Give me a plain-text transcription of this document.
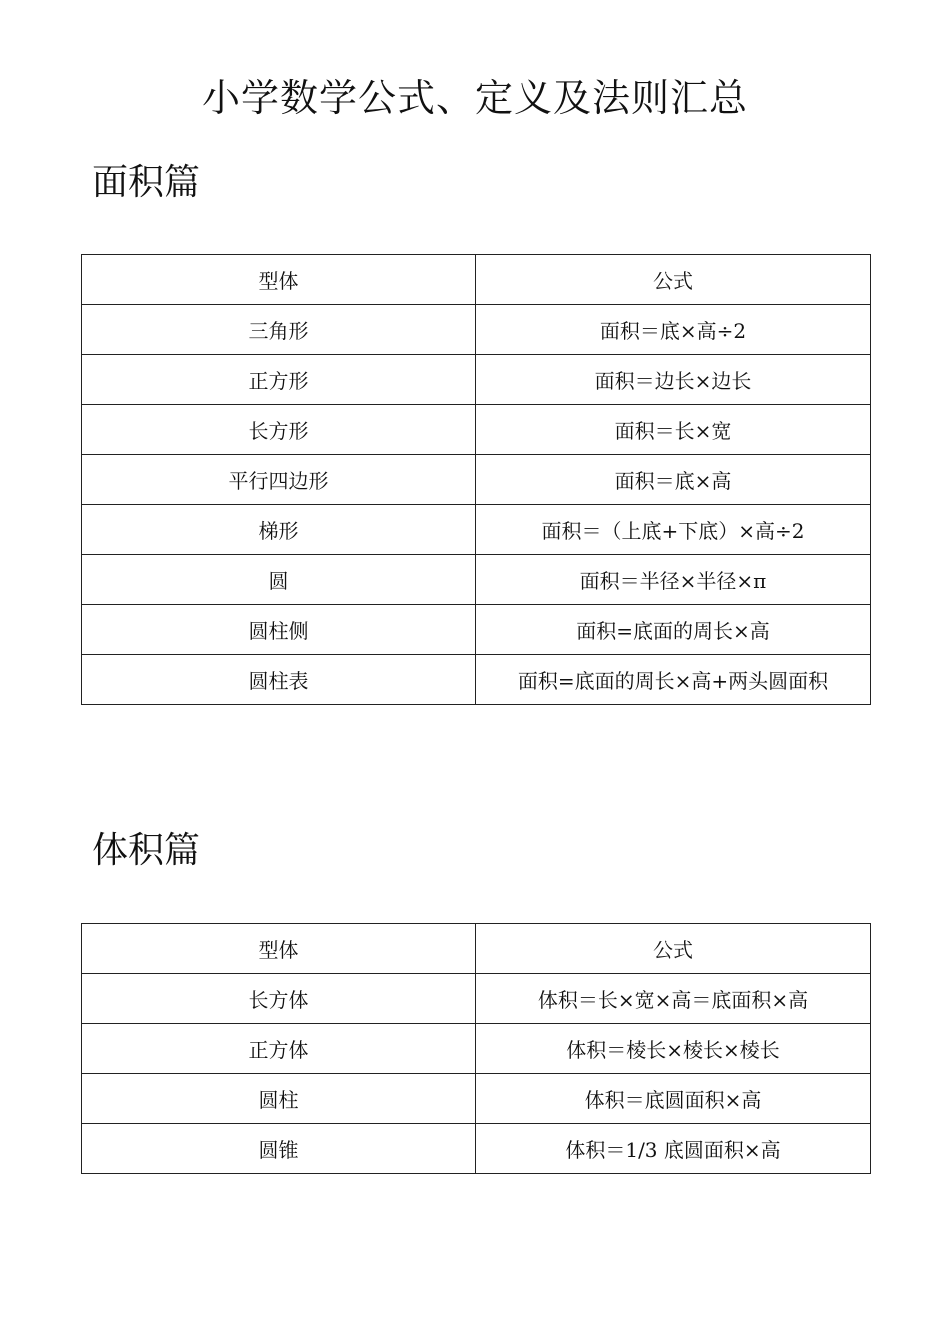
小学数学公式、定义及法则汇总
面积篇
型体	公式
三角形	面积＝底×高÷2
正方形	面积＝边长×边长
长方形	面积＝长×宽
平行四边形	面积＝底×高
梯形	面积＝（上底+下底）×高÷2
圆	面积＝半径×半径×π
圆柱侧	面积=底面的周长×高
圆柱表	面积=底面的周长×高+两头圆面积
体积篇
型体	公式
长方体	体积＝长×宽×高＝底面积×高
正方体	体积＝棱长×棱长×棱长
圆柱	体积＝底圆面积×高
圆锥	体积＝1/3 底圆面积×高
